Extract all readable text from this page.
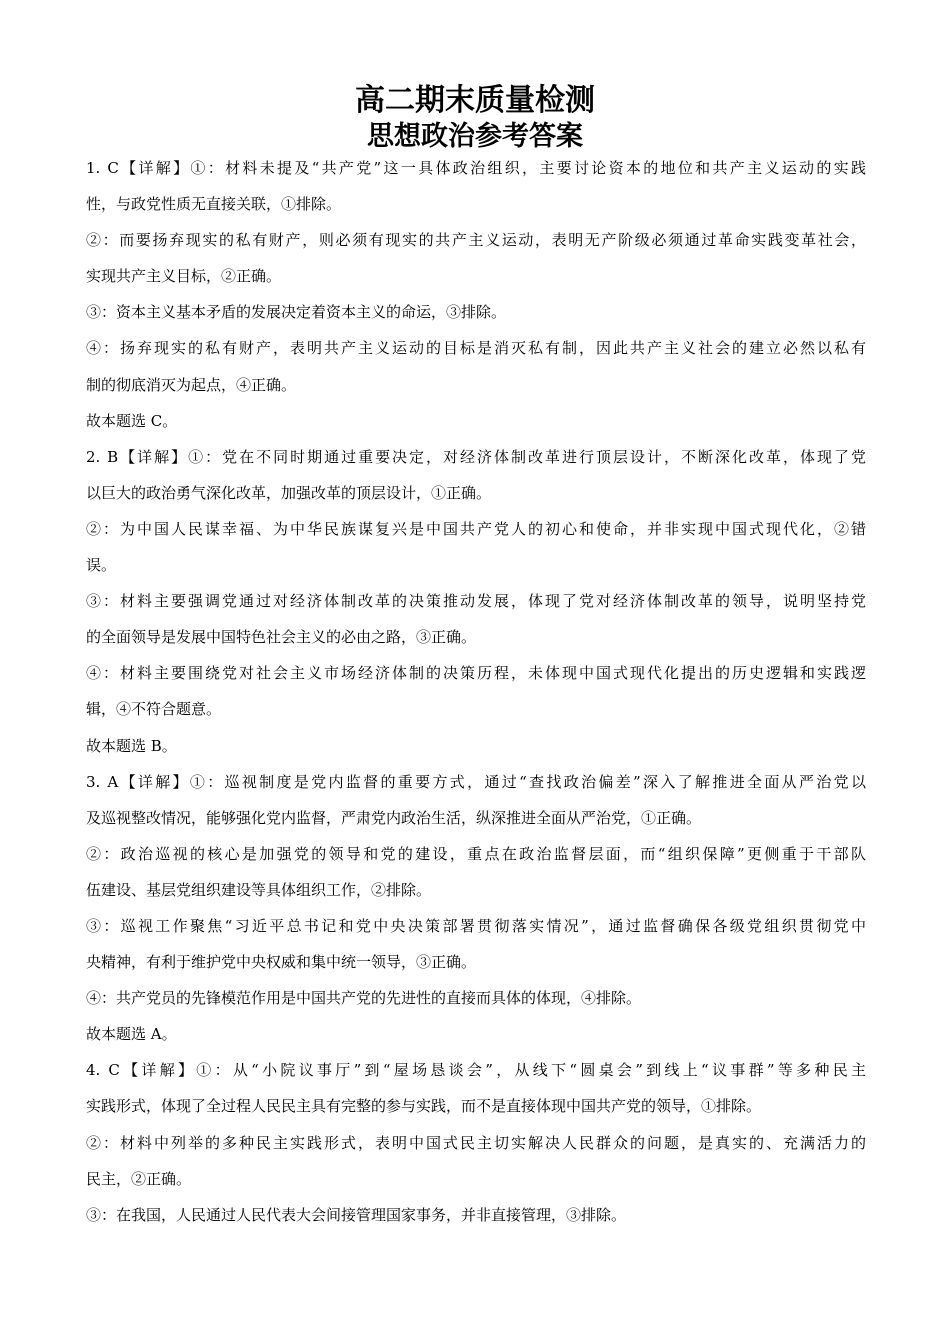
高二期末质量检测
思想政治参考答案
1. C【详解】①：材料未提及“共产党”这一具体政治组织，主要讨论资本的地位和共产主义运动的实践
性，与政党性质无直接关联，①排除。
②：而要扬弃现实的私有财产，则必须有现实的共产主义运动，表明无产阶级必须通过革命实践变革社会，
实现共产主义目标，②正确。
③：资本主义基本矛盾的发展决定着资本主义的命运，③排除。
④：扬弃现实的私有财产，表明共产主义运动的目标是消灭私有制，因此共产主义社会的建立必然以私有
制的彻底消灭为起点，④正确。
故本题选 C。
2. B【详解】①：党在不同时期通过重要决定，对经济体制改革进行顶层设计，不断深化改革，体现了党
以巨大的政治勇气深化改革，加强改革的顶层设计，①正确。
②：为中国人民谋幸福、为中华民族谋复兴是中国共产党人的初心和使命，并非实现中国式现代化，②错
误。
③：材料主要强调党通过对经济体制改革的决策推动发展，体现了党对经济体制改革的领导，说明坚持党
的全面领导是发展中国特色社会主义的必由之路，③正确。
④：材料主要围绕党对社会主义市场经济体制的决策历程，未体现中国式现代化提出的历史逻辑和实践逻
辑，④不符合题意。
故本题选 B。
3. A【详解】①：巡视制度是党内监督的重要方式，通过“查找政治偏差”深入了解推进全面从严治党以
及巡视整改情况，能够强化党内监督，严肃党内政治生活，纵深推进全面从严治党，①正确。
②：政治巡视的核心是加强党的领导和党的建设，重点在政治监督层面，而“组织保障”更侧重于干部队
伍建设、基层党组织建设等具体组织工作，②排除。
③：巡视工作聚焦“习近平总书记和党中央决策部署贯彻落实情况”，通过监督确保各级党组织贯彻党中
央精神，有利于维护党中央权威和集中统一领导，③正确。
④：共产党员的先锋模范作用是中国共产党的先进性的直接而具体的体现，④排除。
故本题选 A。
4. C【详解】①：从“小院议事厅”到“屋场恳谈会”，从线下“圆桌会”到线上“议事群”等多种民主
实践形式，体现了全过程人民民主具有完整的参与实践，而不是直接体现中国共产党的领导，①排除。
②：材料中列举的多种民主实践形式，表明中国式民主切实解决人民群众的问题，是真实的、充满活力的
民主，②正确。
③：在我国，人民通过人民代表大会间接管理国家事务，并非直接管理，③排除。
